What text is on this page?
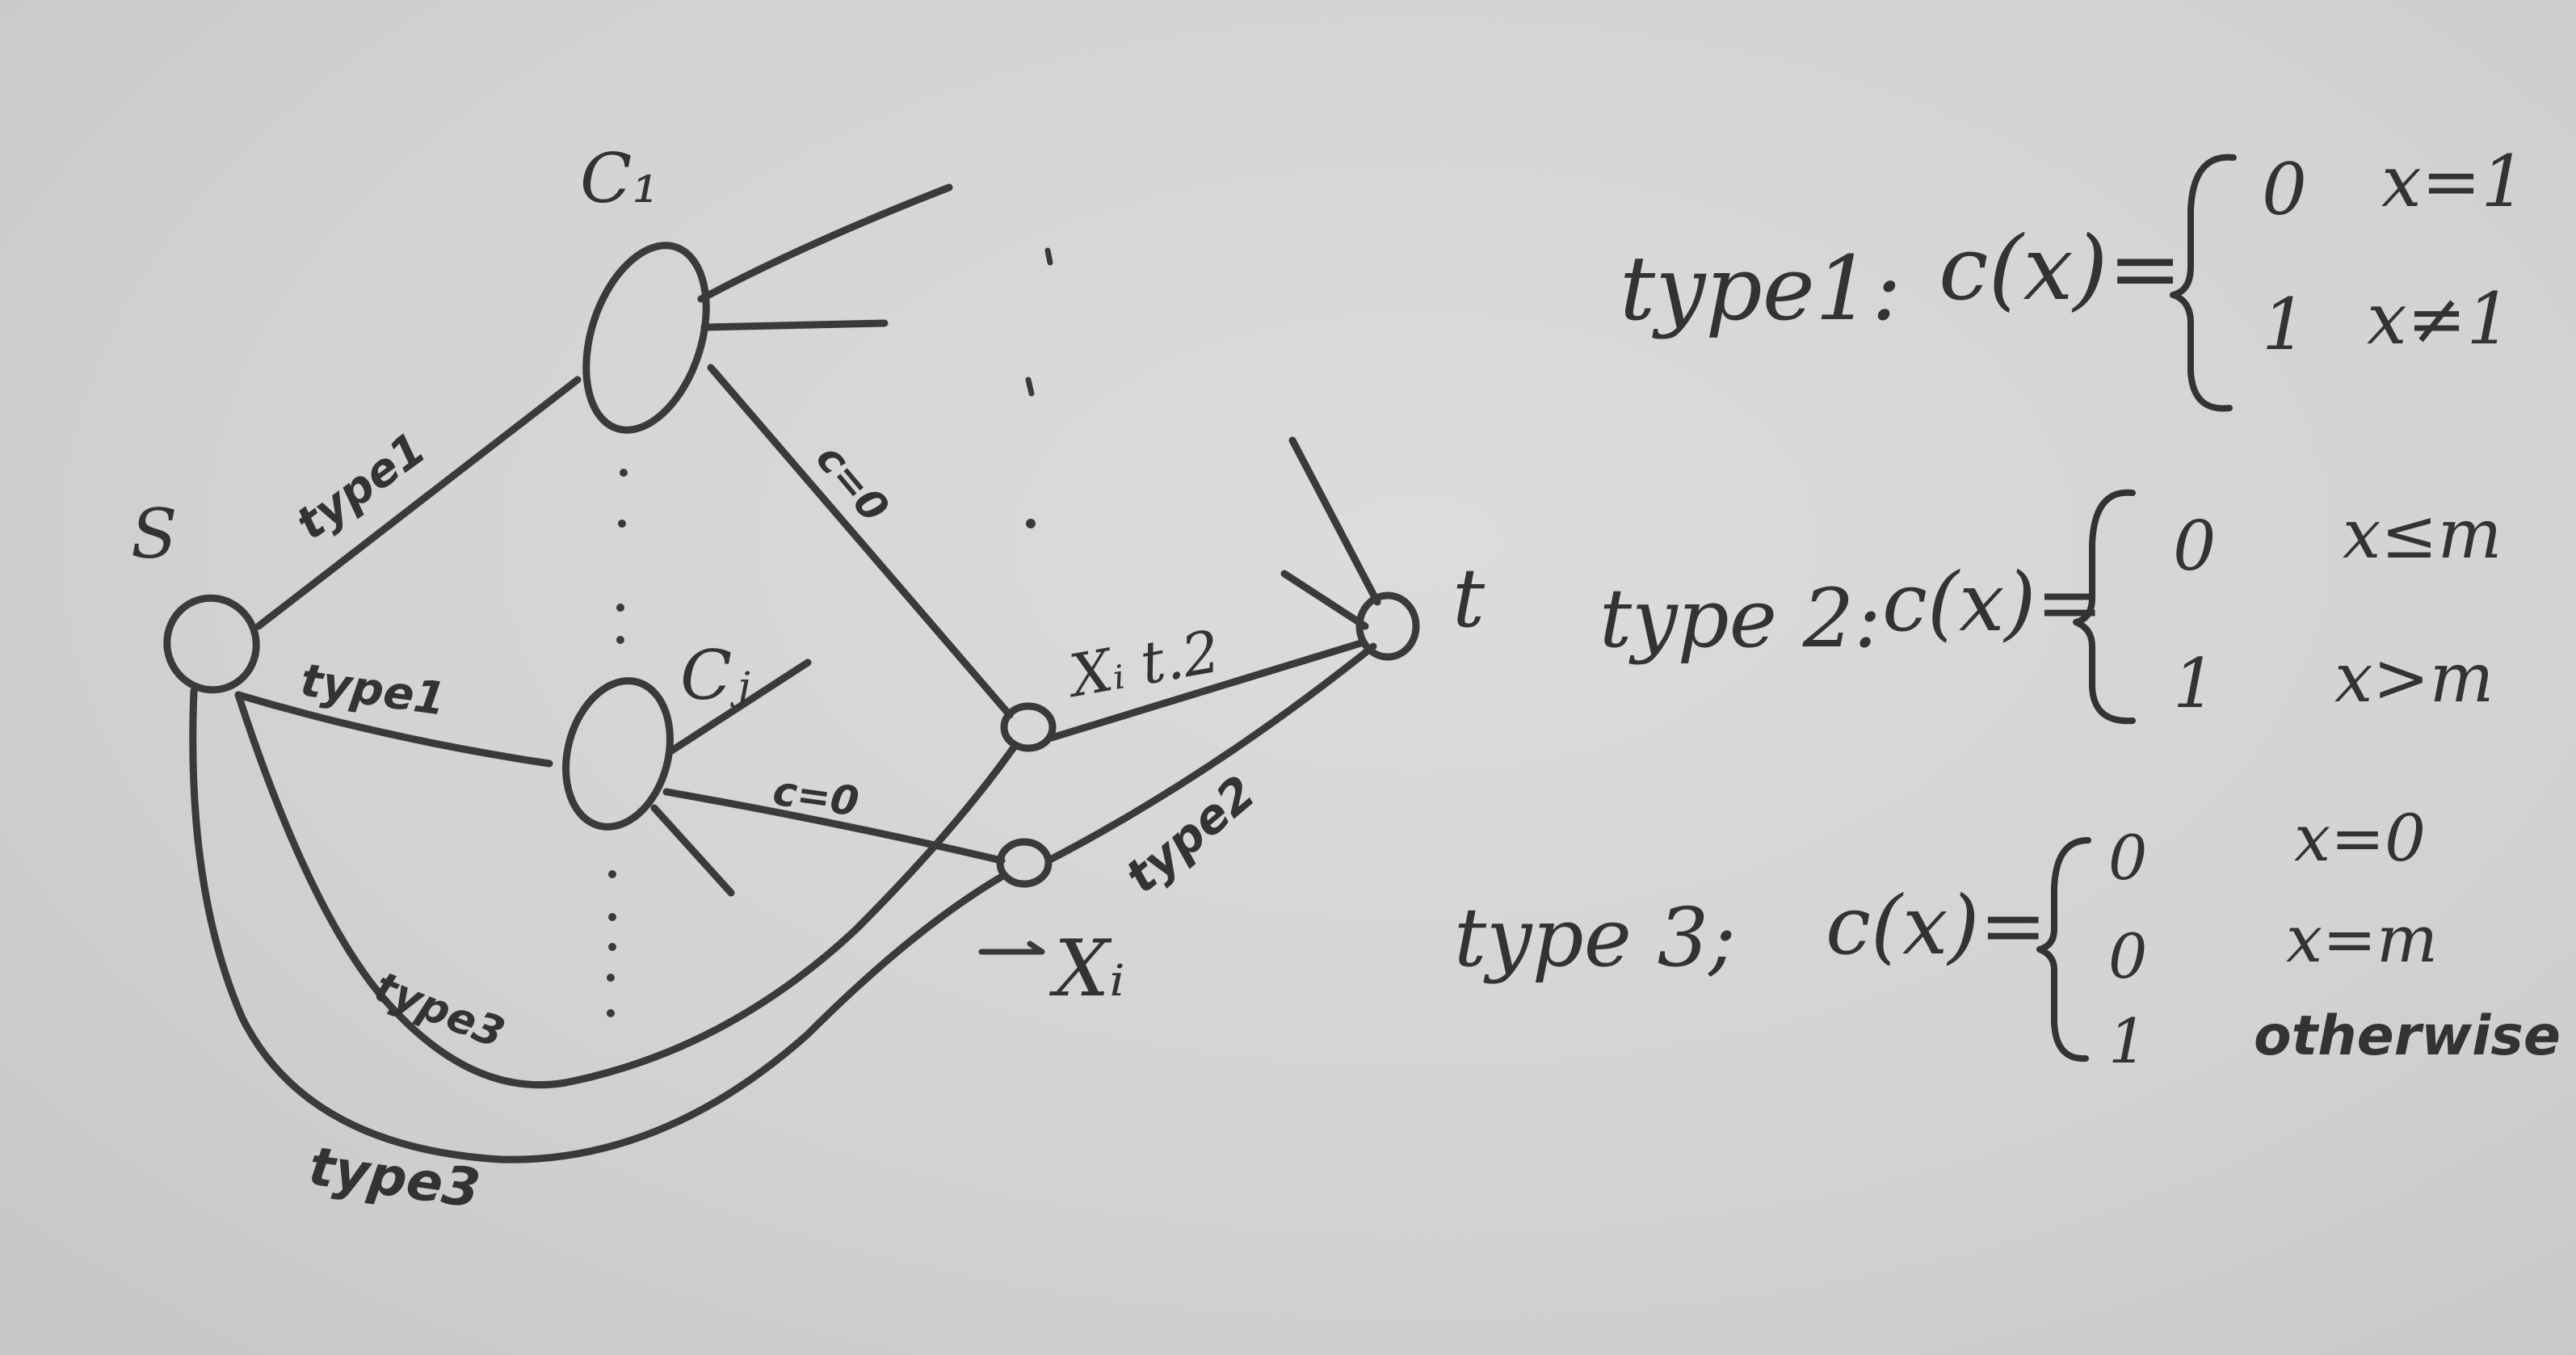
S
C₁
Cⱼ
t
Xᵢ
type1
type1
c=0
c=0
Xᵢ t.2
type2
type3
type3
type1: c(x)=
0 x=1
1 x≠1
type 2: c(x)=
0 x≤m
1 x>m
type 3; c(x)=
0 x=0
0 x=m
1 otherwise
